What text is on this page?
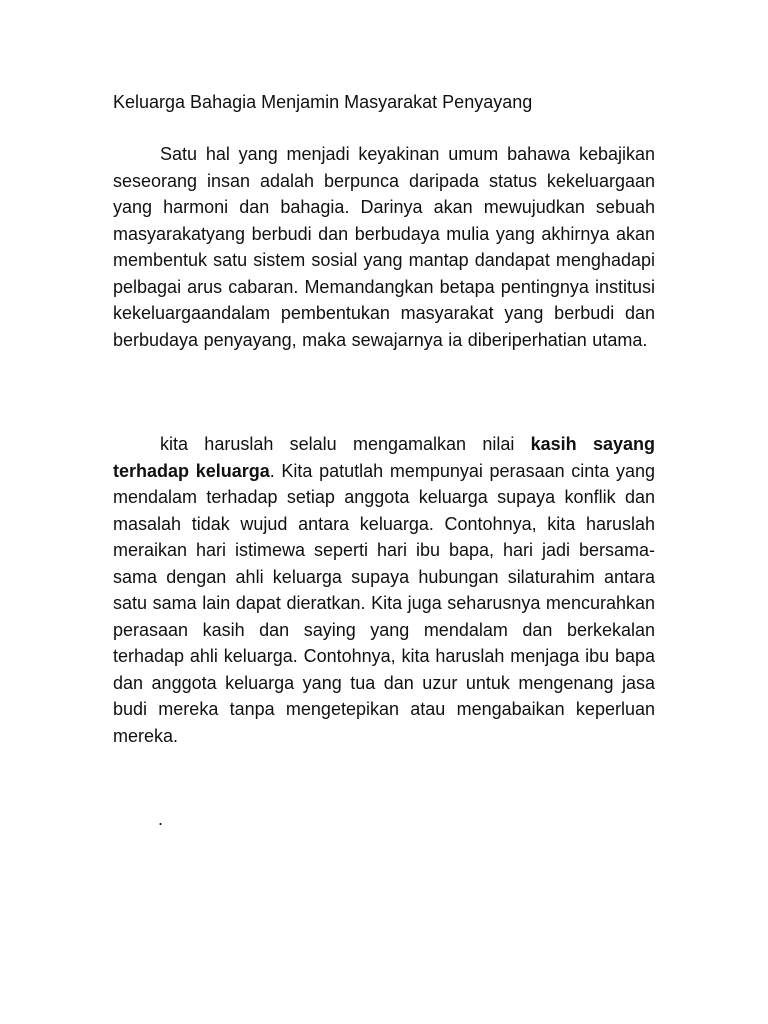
Keluarga Bahagia Menjamin Masyarakat Penyayang

Satu hal yang menjadi keyakinan umum bahawa kebajikan seseorang insan adalah berpunca daripada status kekeluargaan yang harmoni dan bahagia. Darinya akan mewujudkan sebuah masyarakatyang berbudi dan berbudaya mulia yang akhirnya akan membentuk satu sistem sosial yang mantap dandapat menghadapi pelbagai arus cabaran. Memandangkan betapa pentingnya institusi kekeluargaandalam pembentukan masyarakat yang berbudi dan berbudaya penyayang, maka sewajarnya ia diberiperhatian utama.

kita haruslah selalu mengamalkan nilai kasih sayang terhadap keluarga. Kita patutlah mempunyai perasaan cinta yang mendalam terhadap setiap anggota keluarga supaya konflik dan masalah tidak wujud antara keluarga. Contohnya, kita haruslah meraikan hari istimewa seperti hari ibu bapa, hari jadi bersama-sama dengan ahli keluarga supaya hubungan silaturahim antara satu sama lain dapat dieratkan. Kita juga seharusnya mencurahkan perasaan kasih dan saying yang mendalam dan berkekalan terhadap ahli keluarga. Contohnya, kita haruslah menjaga ibu bapa dan anggota keluarga yang tua dan uzur untuk mengenang jasa budi mereka tanpa mengetepikan atau mengabaikan keperluan mereka.

.
